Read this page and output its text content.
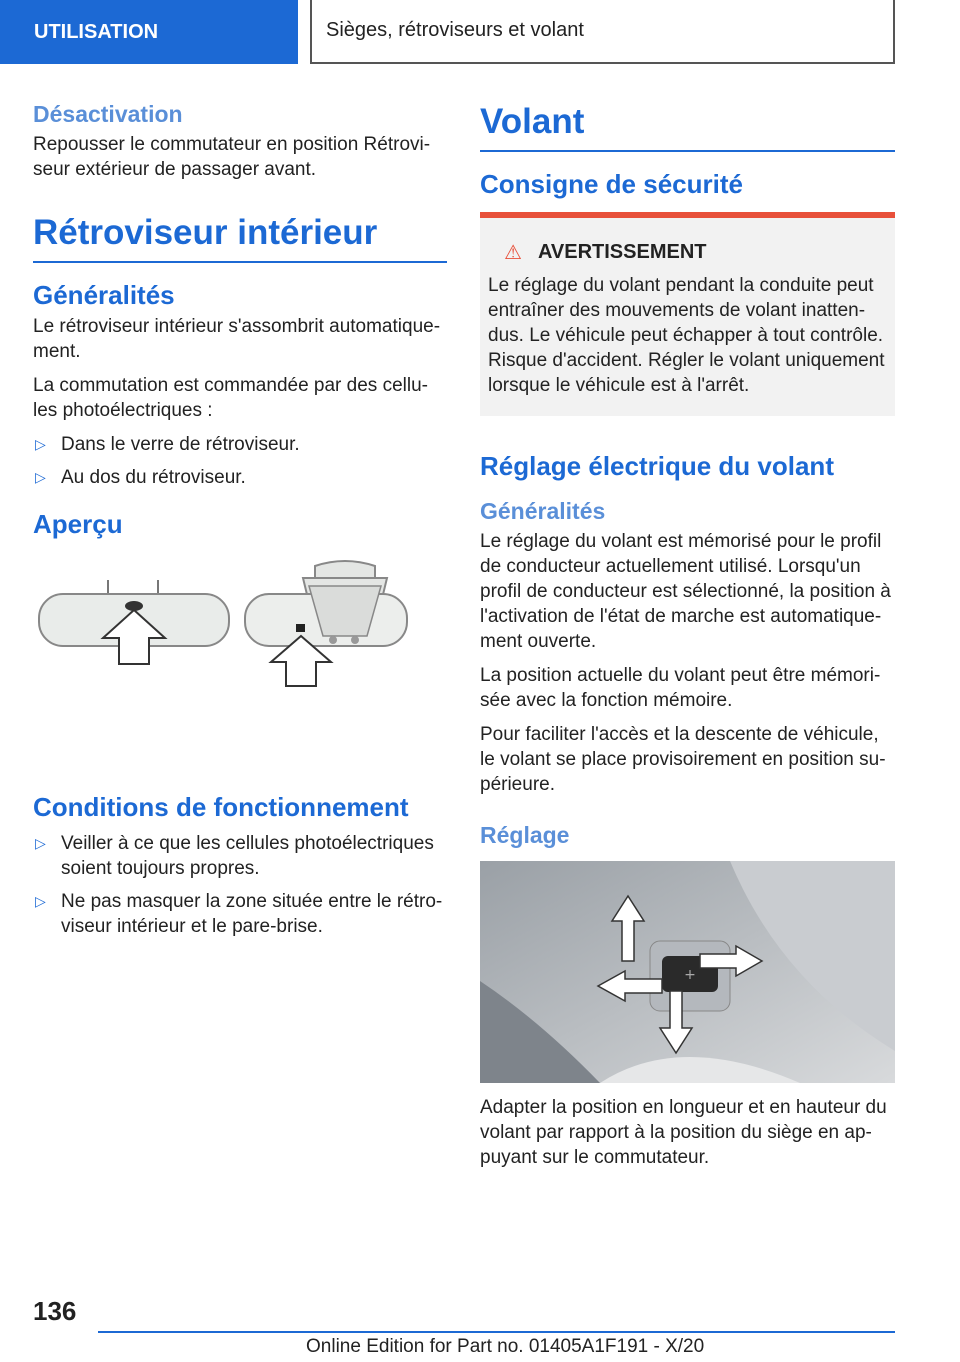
UTILISATION	Sièges, rétroviseurs et volant
Désactivation

Repousser le commutateur en position Rétrovi-seur extérieur de passager avant.

Rétroviseur intérieur
Généralités

Le rétroviseur intérieur s'assombrit automatique-ment.

La commutation est commandée par des cellu-les photoélectriques :

▷ Dans le verre de rétroviseur.
▷ Au dos du rétroviseur.
Aperçu
Conditions de fonctionnement
▷ Veiller à ce que les cellules photoélectriques soient toujours propres.
▷ Ne pas masquer la zone située entre le rétro-viseur intérieur et le pare-brise.
Volant
Consigne de sécurité
⚠ AVERTISSEMENT

Le réglage du volant pendant la conduite peut entraîner des mouvements de volant inatten-dus. Le véhicule peut échapper à tout contrôle. Risque d'accident. Régler le volant uniquement lorsque le véhicule est à l'arrêt.

Réglage électrique du volant
Généralités

Le réglage du volant est mémorisé pour le profil de conducteur actuellement utilisé. Lorsqu'un profil de conducteur est sélectionné, la position à l'activation de l'état de marche est automatique-ment ouverte.

La position actuelle du volant peut être mémori-sée avec la fonction mémoire.

Pour faciliter l'accès et la descente de véhicule, le volant se place provisoirement en position su-périeure.

Réglage
+

Adapter la position en longueur et en hauteur du volant par rapport à la position du siège en ap-puyant sur le commutateur.

136
Online Edition for Part no. 01405A1F191 - X/20
